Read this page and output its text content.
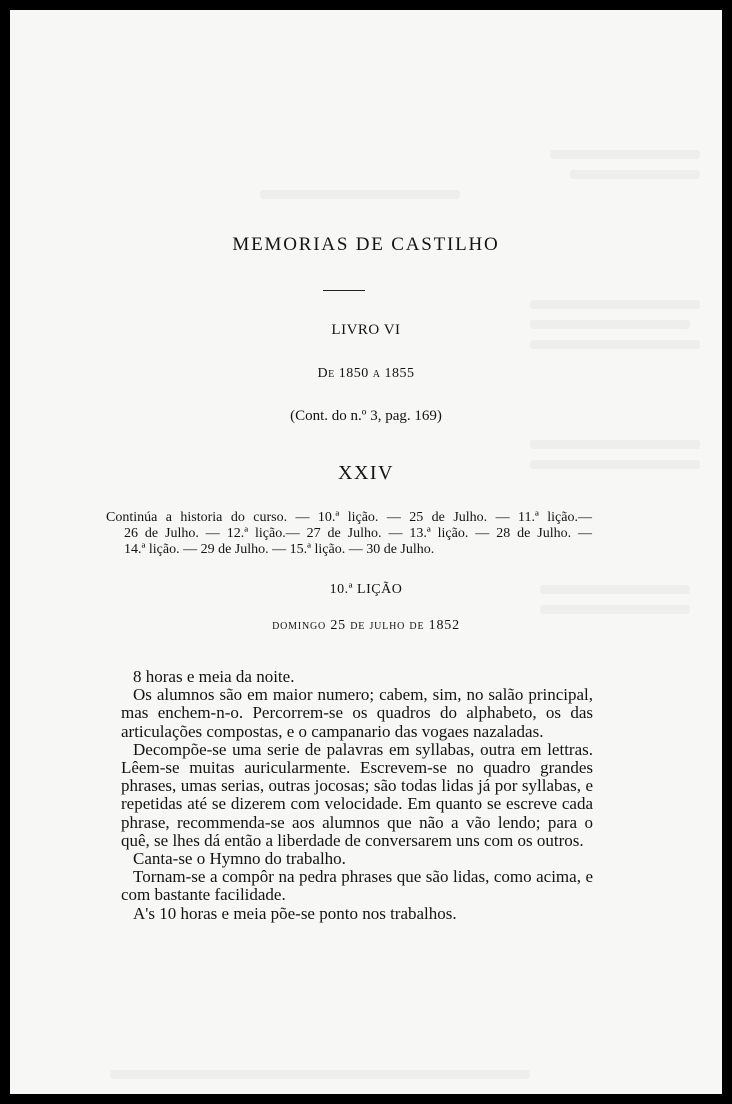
MEMORIAS DE CASTILHO
LIVRO VI
De 1850 a 1855
(Cont. do n.º 3, pag. 169)
XXIV
Continúa a historia do curso. — 10.ª lição. — 25 de Julho. — 11.ª lição.—
26 de Julho. — 12.ª lição.— 27 de Julho. — 13.ª lição. — 28 de Julho. —
14.ª lição. — 29 de Julho. — 15.ª lição. — 30 de Julho.
10.ª LIÇÃO
domingo 25 de julho de 1852

8 horas e meia da noite.

Os alumnos são em maior numero; cabem, sim, no salão principal, mas enchem-n-o. Percorrem-se os quadros do alphabeto, os das articulações compostas, e o campanario das vogaes nazaladas.

Decompõe-se uma serie de palavras em syllabas, outra em lettras. Lêem-se muitas auricularmente. Escrevem-se no quadro grandes phrases, umas serias, outras jocosas; são todas lidas já por syllabas, e repetidas até se dizerem com velocidade. Em quanto se escreve cada phrase, recommenda-se aos alumnos que não a vão lendo; para o quê, se lhes dá então a liberdade de conversarem uns com os outros.

Canta-se o Hymno do trabalho.

Tornam-se a compôr na pedra phrases que são lidas, como acima, e com bastante facilidade.

A's 10 horas e meia põe-se ponto nos trabalhos.
